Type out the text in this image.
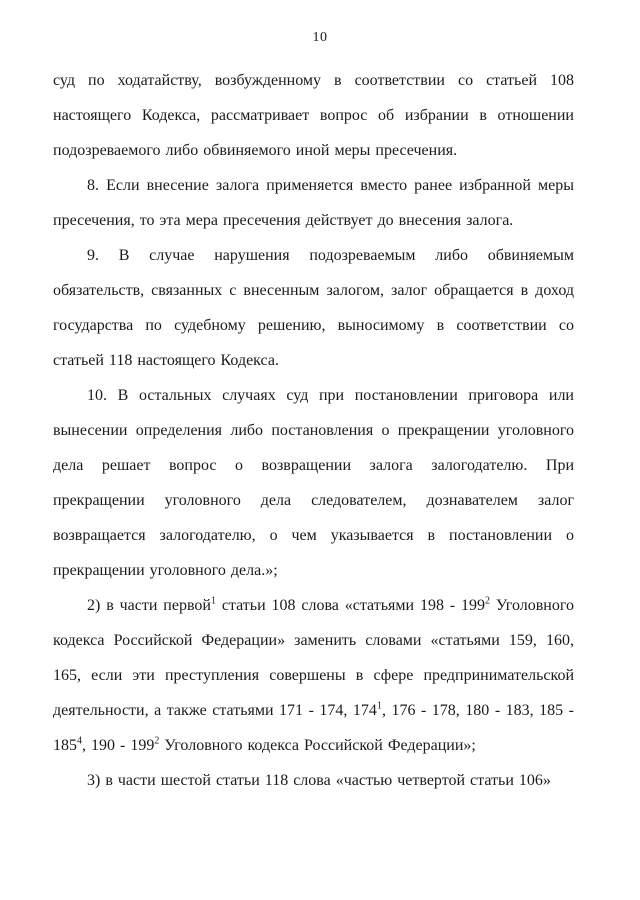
10

суд по ходатайству, возбужденному в соответствии со статьей 108 настоящего Кодекса, рассматривает вопрос об избрании в отношении подозреваемого либо обвиняемого иной меры пресечения.

8. Если внесение залога применяется вместо ранее избранной меры пресечения, то эта мера пресечения действует до внесения залога.

9. В случае нарушения подозреваемым либо обвиняемым обязательств, связанных с внесенным залогом, залог обращается в доход государства по судебному решению, выносимому в соответствии со статьей 118 настоящего Кодекса.

10. В остальных случаях суд при постановлении приговора или вынесении определения либо постановления о прекращении уголовного дела решает вопрос о возвращении залога залогодателю. При прекращении уголовного дела следователем, дознавателем залог возвращается залогодателю, о чем указывается в постановлении о прекращении уголовного дела.»;

2) в части первой$^1$ статьи 108 слова «статьями $198 - 199^2$ Уголовного кодекса Российской Федерации» заменить словами «статьями 159, 160, 165, если эти преступления совершены в сфере предпринимательской деятельности, а также статьями 171 - 174, $174^1$, 176 - 178, 180 - 183, $185 - 185^4$, $190 - 199^2$ Уголовного кодекса Российской Федерации»;

3) в части шестой статьи 118 слова «частью четвертой статьи 106»
